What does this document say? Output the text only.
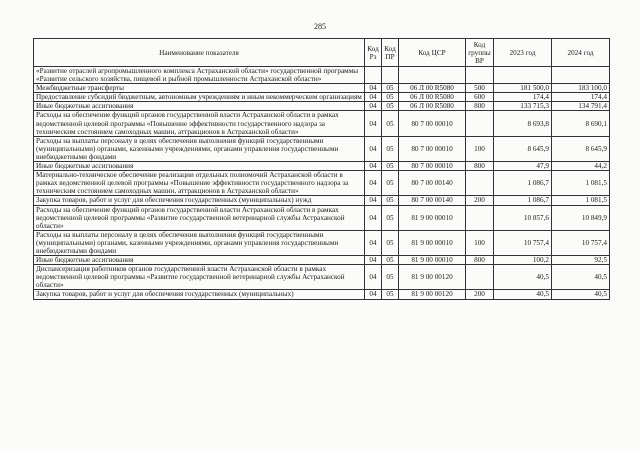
285
Наименование показателя	Код Рз	Код ПР	Код ЦСР	Код группы ВР	2023 год	2024 год
«Развитие отраслей агропромышленного комплекса Астраханской области» государственной программы «Развитие сельского хозяйства, пищевой и рыбной промышленности Астраханской области»						
Межбюджетные трансферты	04	05	06 Л 00 R5080	500	181 500,0	183 100,0
Предоставление субсидий бюджетным, автономным учреждениям и иным некоммерческим организациям	04	05	06 Л 00 R5080	600	174,4	174,4
Иные бюджетные ассигнования	04	05	06 Л 00 R5080	800	133 715,3	134 791,4
Расходы на обеспечение функций органов государственной власти Астраханской области в рамках ведомственной целевой программы «Повышение эффективности государственного надзора за техническим состоянием самоходных машин, аттракционов в Астраханской области»	04	05	80 7 00 00010		8 693,8	8 690,1
Расходы на выплаты персоналу в целях обеспечения выполнения функций государственными (муниципальными) органами, казенными учреждениями, органами управления государственными внебюджетными фондами	04	05	80 7 00 00010	100	8 645,9	8 645,9
Иные бюджетные ассигнования	04	05	80 7 00 00010	800	47,9	44,2
Материально-техническое обеспечение реализации отдельных полномочий Астраханской области в рамках ведомственной целевой программы «Повышение эффективности государственного надзора за техническим состоянием самоходных машин, аттракционов в Астраханской области»	04	05	80 7 00 00140		1 086,7	1 081,5
Закупка товаров, работ и услуг для обеспечения государственных (муниципальных) нужд	04	05	80 7 00 00140	200	1 086,7	1 081,5
Расходы на обеспечение функций органов государственной власти Астраханской области в рамках ведомственной целевой программы «Развитие государственной ветеринарной службы Астраханской области»	04	05	81 9 00 00010		10 857,6	10 849,9
Расходы на выплаты персоналу в целях обеспечения выполнения функций государственными (муниципальными) органами, казенными учреждениями, органами управления государственными внебюджетными фондами	04	05	81 9 00 00010	100	10 757,4	10 757,4
Иные бюджетные ассигнования	04	05	81 9 00 00010	800	100,2	92,5
Диспансеризация работников органов государственной власти Астраханской области в рамках ведомственной целевой программы «Развитие государственной ветеринарной службы Астраханской области»	04	05	81 9 00 00120		40,5	40,5
Закупка товаров, работ и услуг для обеспечения государственных (муниципальных)	04	05	81 9 00 00120	200	40,5	40,5
